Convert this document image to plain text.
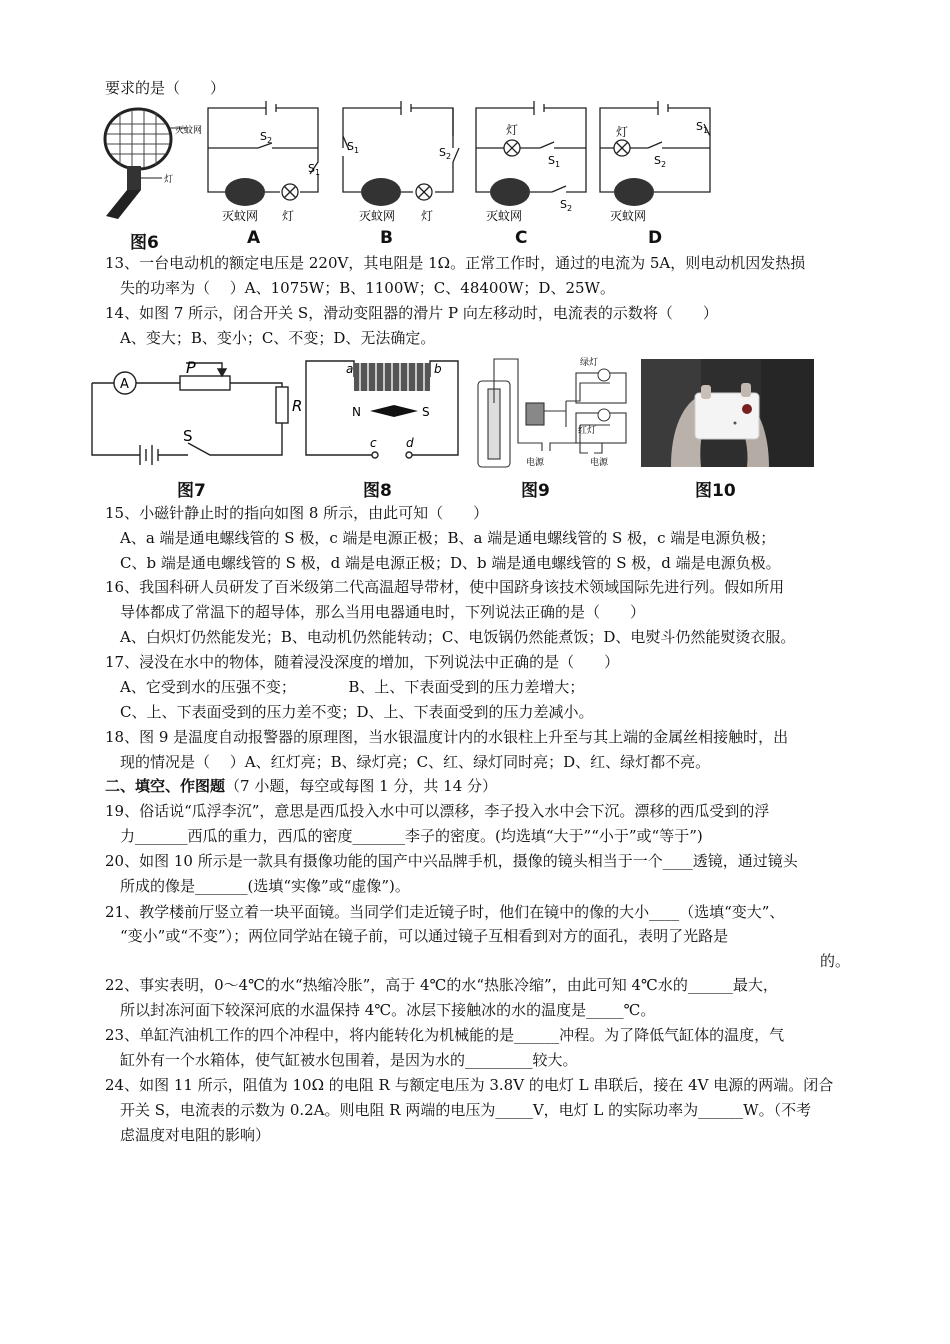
要求的是（　　）
灭蚊网
灯
$S_2$
$S_1$
灭蚊网 灯
$S_1$	$S_2$
灭蚊网 灯
灯
$S_1$
$S_2$
灭蚊网
灯	$S_1$
$S_2$
灭蚊网
图6	A	B	C	D
13、一台电动机的额定电压是 220V，其电阻是 1Ω。正常工作时，通过的电流为 5A，则电动机因发热损
失的功率为（　 ）A、1075W；B、1100W；C、48400W；D、25W。
14、如图 7 所示，闭合开关 S，滑动变阻器的滑片 P 向左移动时，电流表的示数将（　　）
A、变大；B、变小；C、不变；D、无法确定。
A
P
R
S
a	b
N	S
c d
绿灯
红灯
电源	电源
图7	图8	图9	图10
15、小磁针静止时的指向如图 8 所示，由此可知（　　）
A、a 端是通电螺线管的 S 极，c 端是电源正极；B、a 端是通电螺线管的 S 极，c 端是电源负极；
C、b 端是通电螺线管的 S 极，d 端是电源正极；D、b 端是通电螺线管的 S 极，d 端是电源负极。
16、我国科研人员研发了百米级第二代高温超导带材，使中国跻身该技术领域国际先进行列。假如所用
导体都成了常温下的超导体，那么当用电器通电时，下列说法正确的是（　　）
A、白炽灯仍然能发光；B、电动机仍然能转动；C、电饭锅仍然能煮饭；D、电熨斗仍然能熨烫衣服。
17、浸没在水中的物体，随着浸没深度的增加，下列说法中正确的是（　　）
A、它受到水的压强不变；　　　　B、上、下表面受到的压力差增大；
C、上、下表面受到的压力差不变；D、上、下表面受到的压力差减小。
18、图 9 是温度自动报警器的原理图，当水银温度计内的水银柱上升至与其上端的金属丝相接触时，出
现的情况是（　 ）A、红灯亮；B、绿灯亮；C、红、绿灯同时亮；D、红、绿灯都不亮。
二、填空、作图题（7 小题，每空或每图 1 分，共 14 分）
19、俗话说“瓜浮李沉”，意思是西瓜投入水中可以漂移，李子投入水中会下沉。漂移的西瓜受到的浮
力_______西瓜的重力，西瓜的密度_______李子的密度。(均选填“大于”“小于”或“等于”)
20、如图 10 所示是一款具有摄像功能的国产中兴品牌手机，摄像的镜头相当于一个____透镜，通过镜头
所成的像是_______(选填“实像”或“虚像”)。
21、教学楼前厅竖立着一块平面镜。当同学们走近镜子时，他们在镜中的像的大小____（选填“变大”、
“变小”或“不变”）；两位同学站在镜子前，可以通过镜子互相看到对方的面孔，表明了光路是
的。
22、事实表明，0～4℃的水“热缩冷胀”，高于 4℃的水“热胀冷缩”，由此可知 4℃水的______最大，
所以封冻河面下较深河底的水温保持 4℃。冰层下接触冰的水的温度是_____℃。
23、单缸汽油机工作的四个冲程中，将内能转化为机械能的是______冲程。为了降低气缸体的温度，气
缸外有一个水箱体，使气缸被水包围着，是因为水的_________较大。
24、如图 11 所示，阻值为 10Ω 的电阻 R 与额定电压为 3.8V 的电灯 L 串联后，接在 4V 电源的两端。闭合
开关 S，电流表的示数为 0.2A。则电阻 R 两端的电压为_____V，电灯 L 的实际功率为______W。（不考
虑温度对电阻的影响）
